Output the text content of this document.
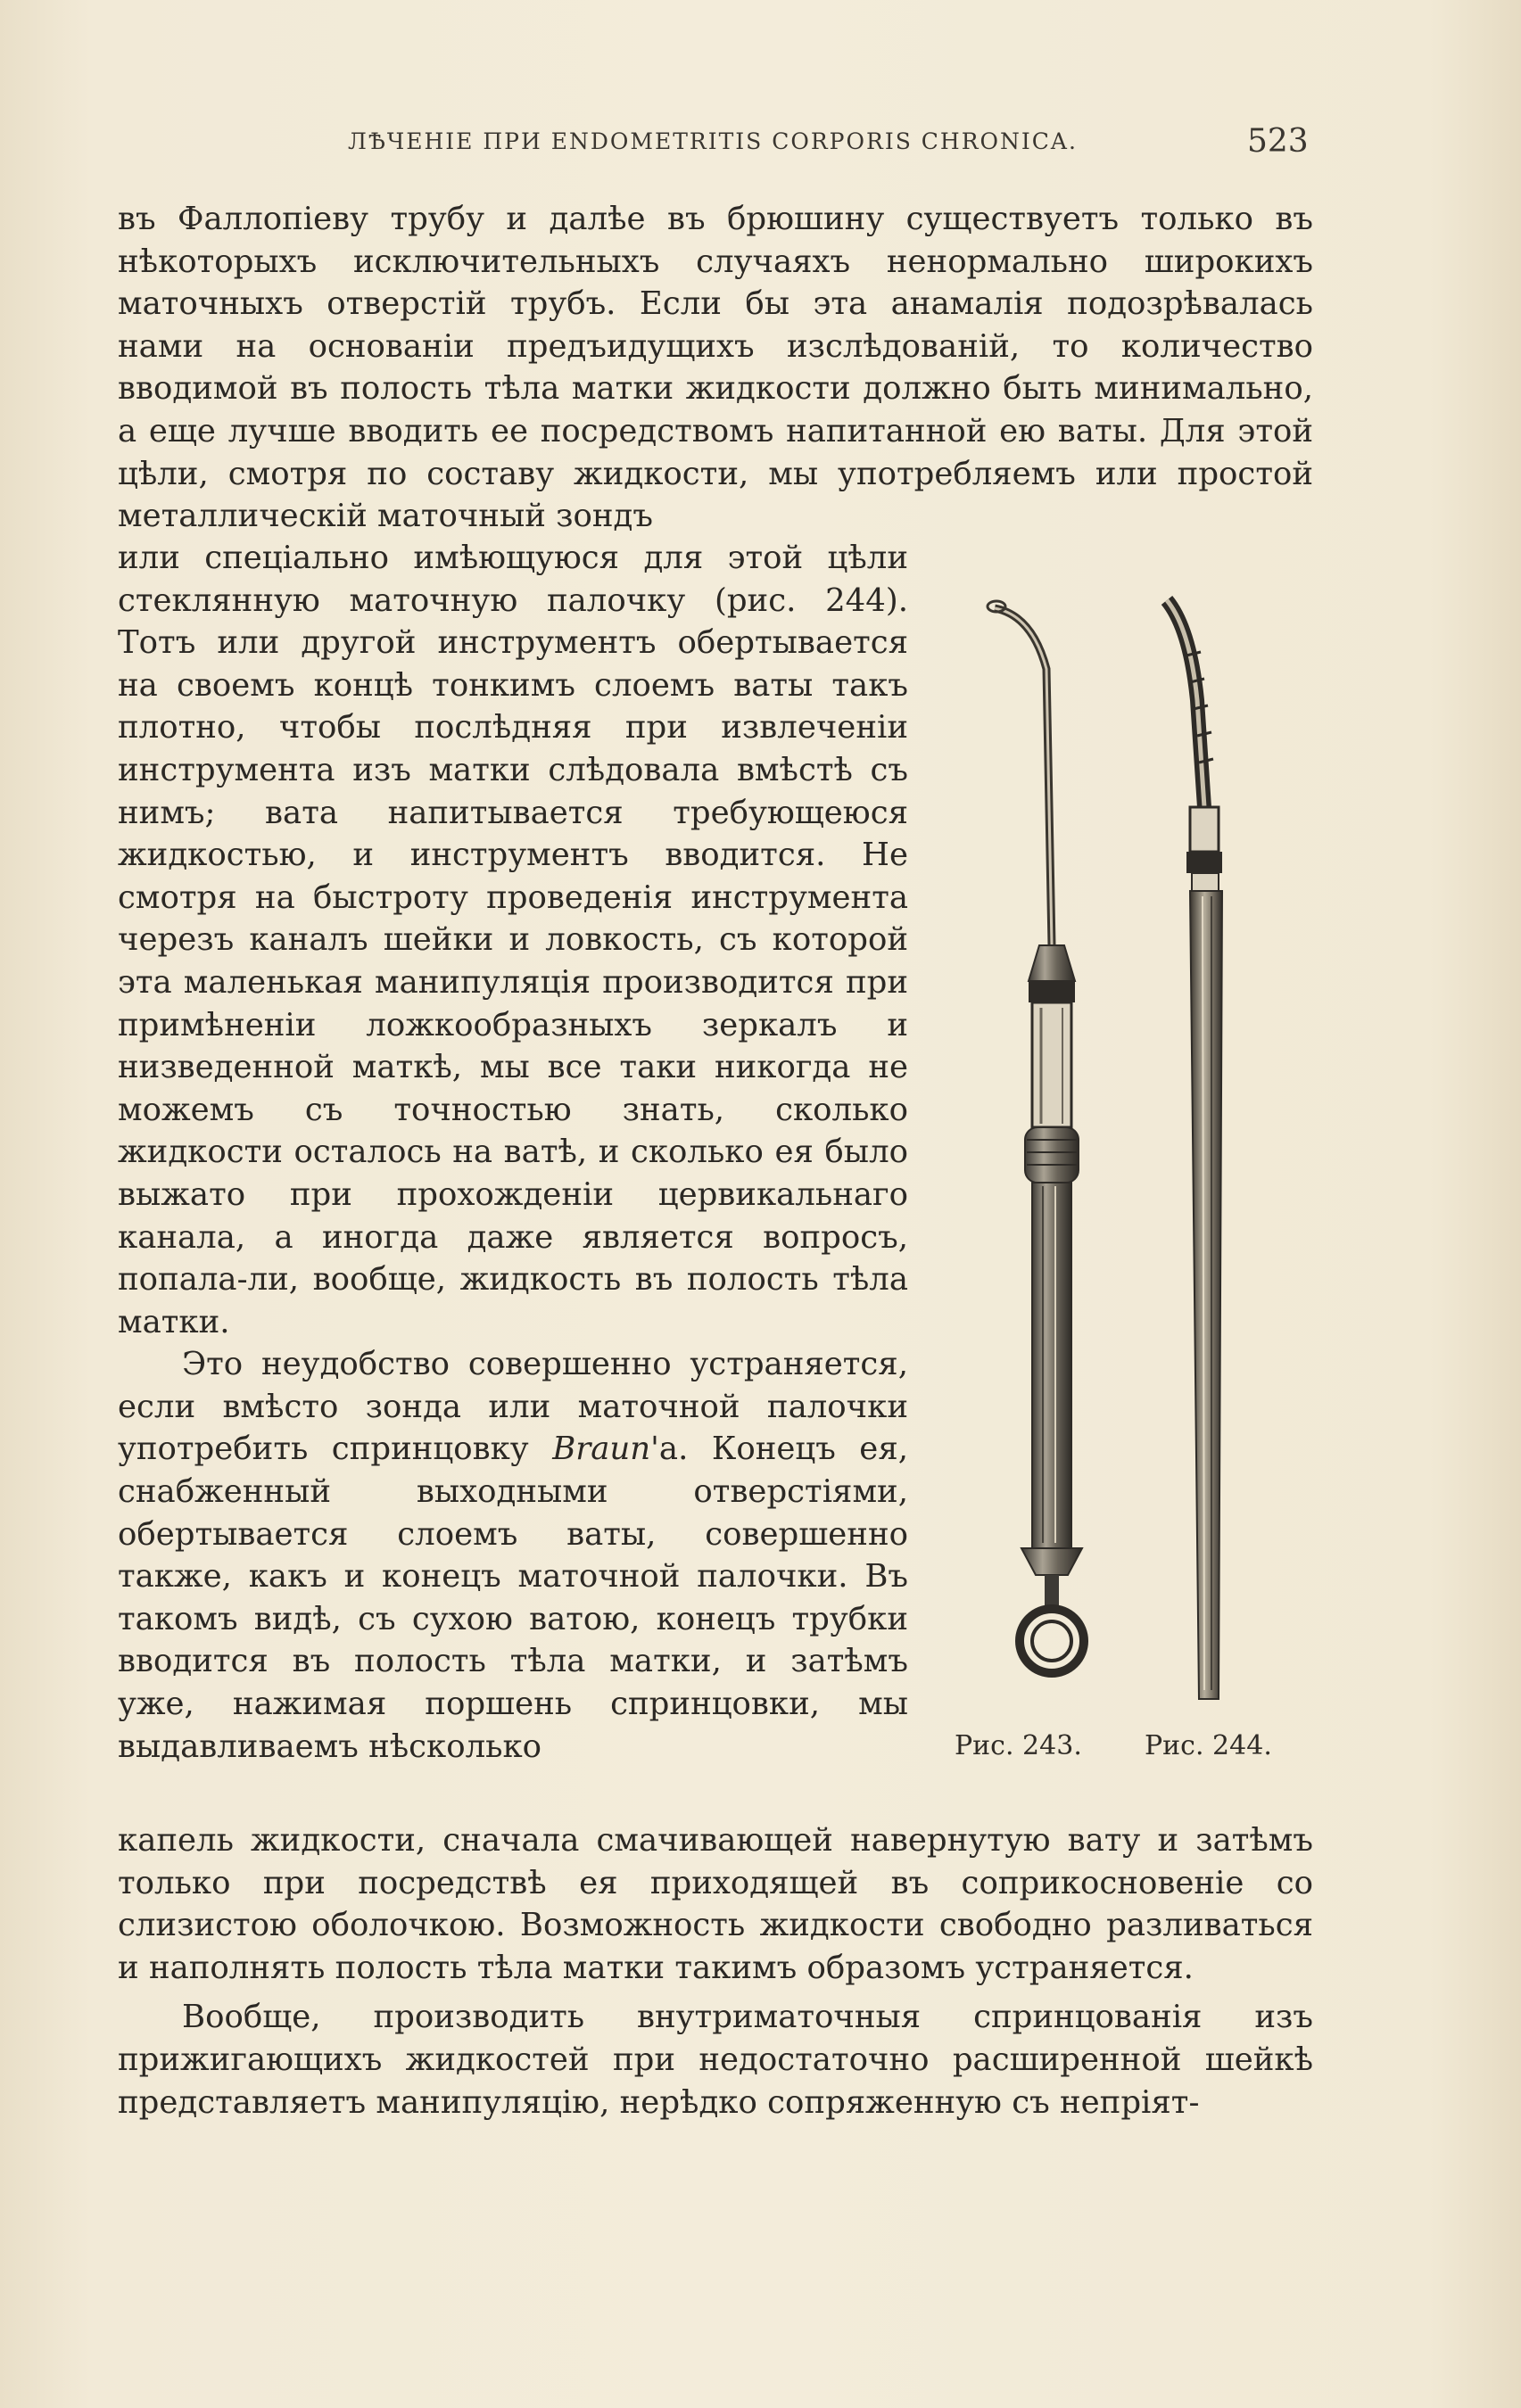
ЛѢЧЕНІЕ ПРИ ENDOMETRITIS CORPORIS CHRONICA.	523

въ Фаллопіеву трубу и далѣе въ брюшину существуетъ только въ нѣкоторыхъ исключительныхъ случаяхъ ненормально широкихъ маточныхъ отверстій трубъ. Если бы эта анамалія подозрѣвалась нами на основаніи предъидущихъ изслѣдованій, то количество вводимой въ полость тѣла матки жидкости должно быть минимально, а еще лучше вводить ее посредствомъ напитанной ею ваты. Для этой цѣли, смотря по составу жидкости, мы употребляемъ или простой металлическій маточный зондъ

или спеціально имѣющуюся для этой цѣли стеклянную маточную палочку (рис. 244). Тотъ или другой инструментъ обертывается на своемъ концѣ тонкимъ слоемъ ваты такъ плотно, чтобы послѣдняя при извлеченіи инструмента изъ матки слѣдовала вмѣстѣ съ нимъ; вата напитывается требующеюся жидкостью, и инструментъ вводится. Не смотря на быстроту проведенія инструмента черезъ каналъ шейки и ловкость, съ которой эта маленькая манипуляція производится при примѣненіи ложкообразныхъ зеркалъ и низведенной маткѣ, мы все таки никогда не можемъ съ точностью знать, сколько жидкости осталось на ватѣ, и сколько ея было выжато при прохожденіи цервикальнаго канала, а иногда даже является вопросъ, попала-ли, вообще, жидкость въ полость тѣла матки.

Это неудобство совершенно устраняется, если вмѣсто зонда или маточной палочки употребить спринцовку Braun'а. Конецъ ея, снабженный выходными отверстіями, обертывается слоемъ ваты, совершенно также, какъ и конецъ маточной палочки. Въ такомъ видѣ, съ сухою ватою, конецъ трубки вводится въ полость тѣла матки, и затѣмъ уже, нажимая поршень спринцовки, мы выдавливаемъ нѣсколько	Рис. 243. Рис. 244.

капель жидкости, сначала смачивающей навернутую вату и затѣмъ только при посредствѣ ея приходящей въ соприкосновеніе со слизистою оболочкою. Возможность жидкости свободно разливаться и наполнять полость тѣла матки такимъ образомъ устраняется.

Вообще, производить внутриматочныя спринцованія изъ прижигающихъ жидкостей при недостаточно расширенной шейкѣ представляетъ манипуляцію, нерѣдко сопряженную съ непріят-
